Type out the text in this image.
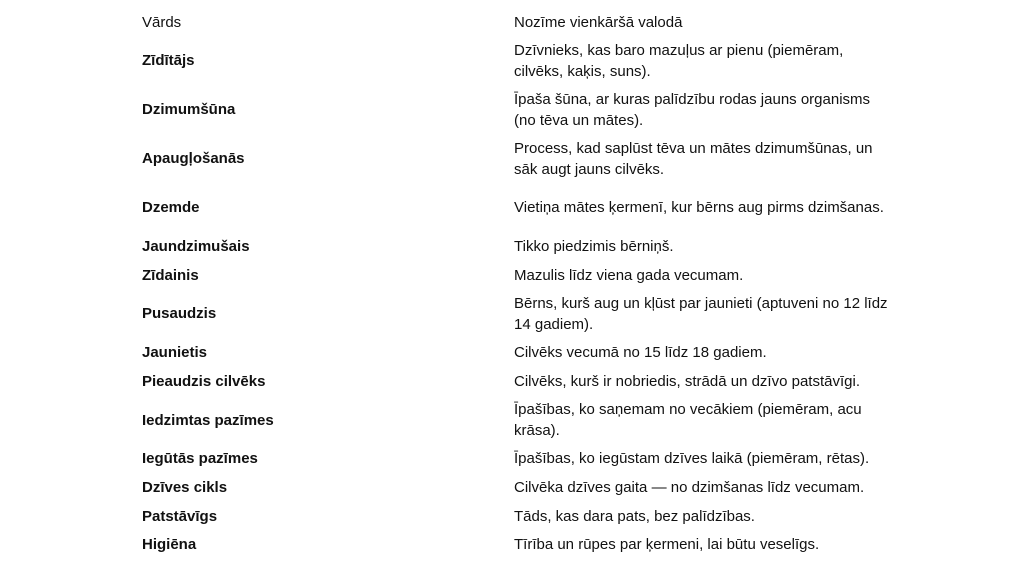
Vārds	Nozīme vienkāršā valodā
Zīdītājs	Dzīvnieks, kas baro mazuļus ar pienu (piemēram, cilvēks, kaķis, suns).
Dzimumšūna	Īpaša šūna, ar kuras palīdzību rodas jauns organisms (no tēva un mātes).
Apaugļošanās	Process, kad saplūst tēva un mātes dzimumšūnas, un sāk augt jauns cilvēks.
Dzemde	Vietiņa mātes ķermenī, kur bērns aug pirms dzimšanas.
Jaundzimušais	Tikko piedzimis bērniņš.
Zīdainis	Mazulis līdz viena gada vecumam.
Pusaudzis	Bērns, kurš aug un kļūst par jaunieti (aptuveni no 12 līdz 14 gadiem).
Jaunietis	Cilvēks vecumā no 15 līdz 18 gadiem.
Pieaudzis cilvēks	Cilvēks, kurš ir nobriedis, strādā un dzīvo patstāvīgi.
Iedzimtas pazīmes	Īpašības, ko saņemam no vecākiem (piemēram, acu krāsa).
Iegūtās pazīmes	Īpašības, ko iegūstam dzīves laikā (piemēram, rētas).
Dzīves cikls	Cilvēka dzīves gaita — no dzimšanas līdz vecumam.
Patstāvīgs	Tāds, kas dara pats, bez palīdzības.
Higiēna	Tīrība un rūpes par ķermeni, lai būtu veselīgs.
